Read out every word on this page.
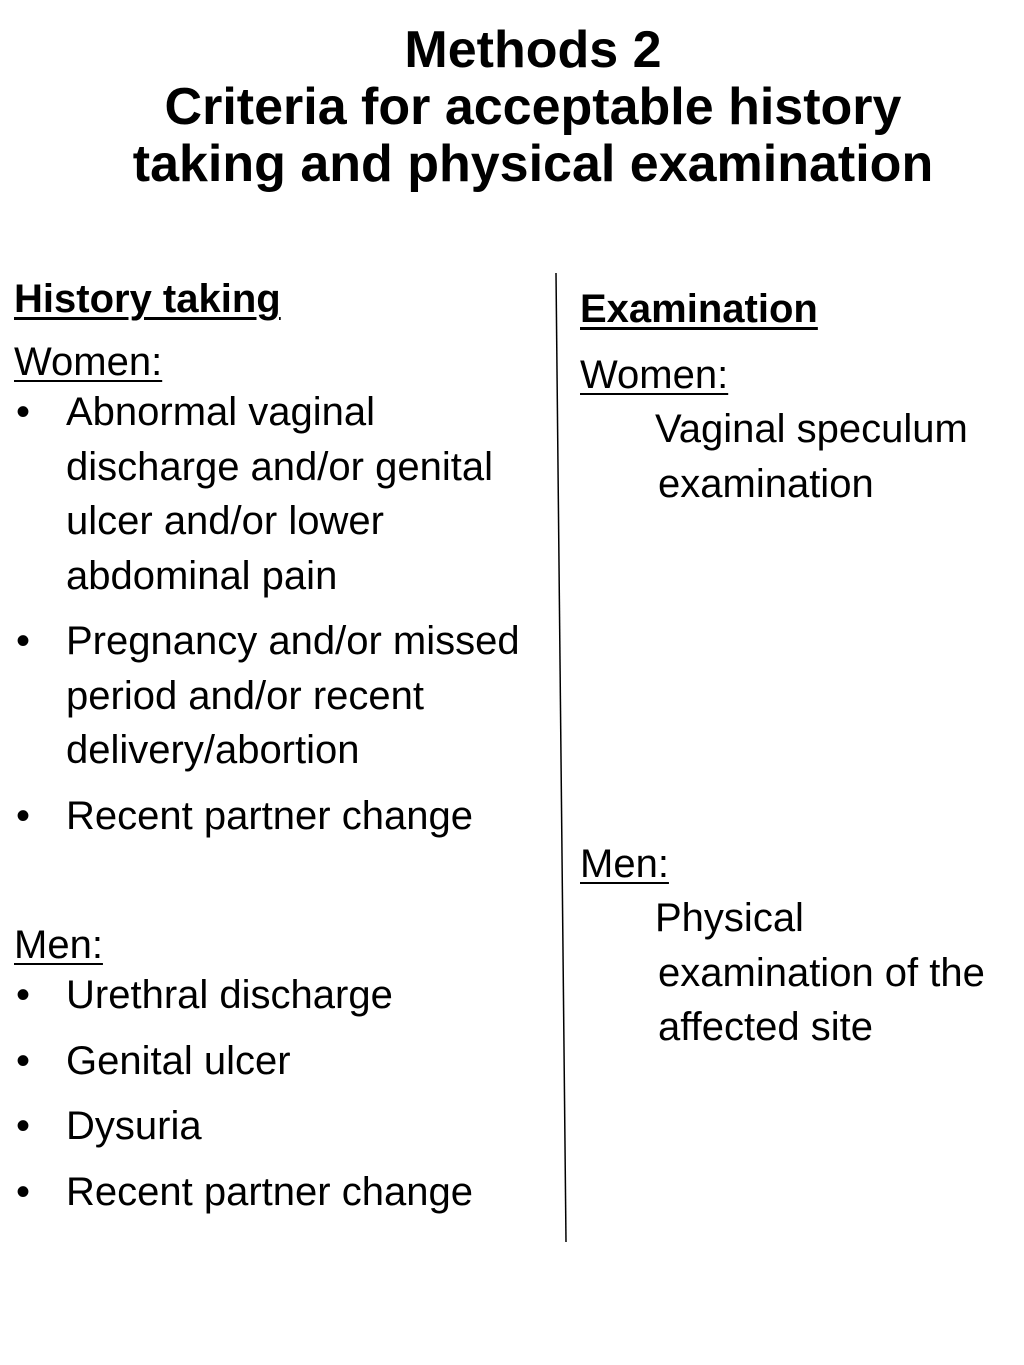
Methods 2
Criteria for acceptable history
taking and physical examination
History taking
Women:
• Abnormal vaginal discharge and/or genital ulcer and/or lower abdominal pain
• Pregnancy and/or missed period and/or recent delivery/abortion
• Recent partner change
Men:
• Urethral discharge
• Genital ulcer
• Dysuria
• Recent partner change
Examination
Women:
Vaginal speculum examination
Men:
Physical examination of the affected site
